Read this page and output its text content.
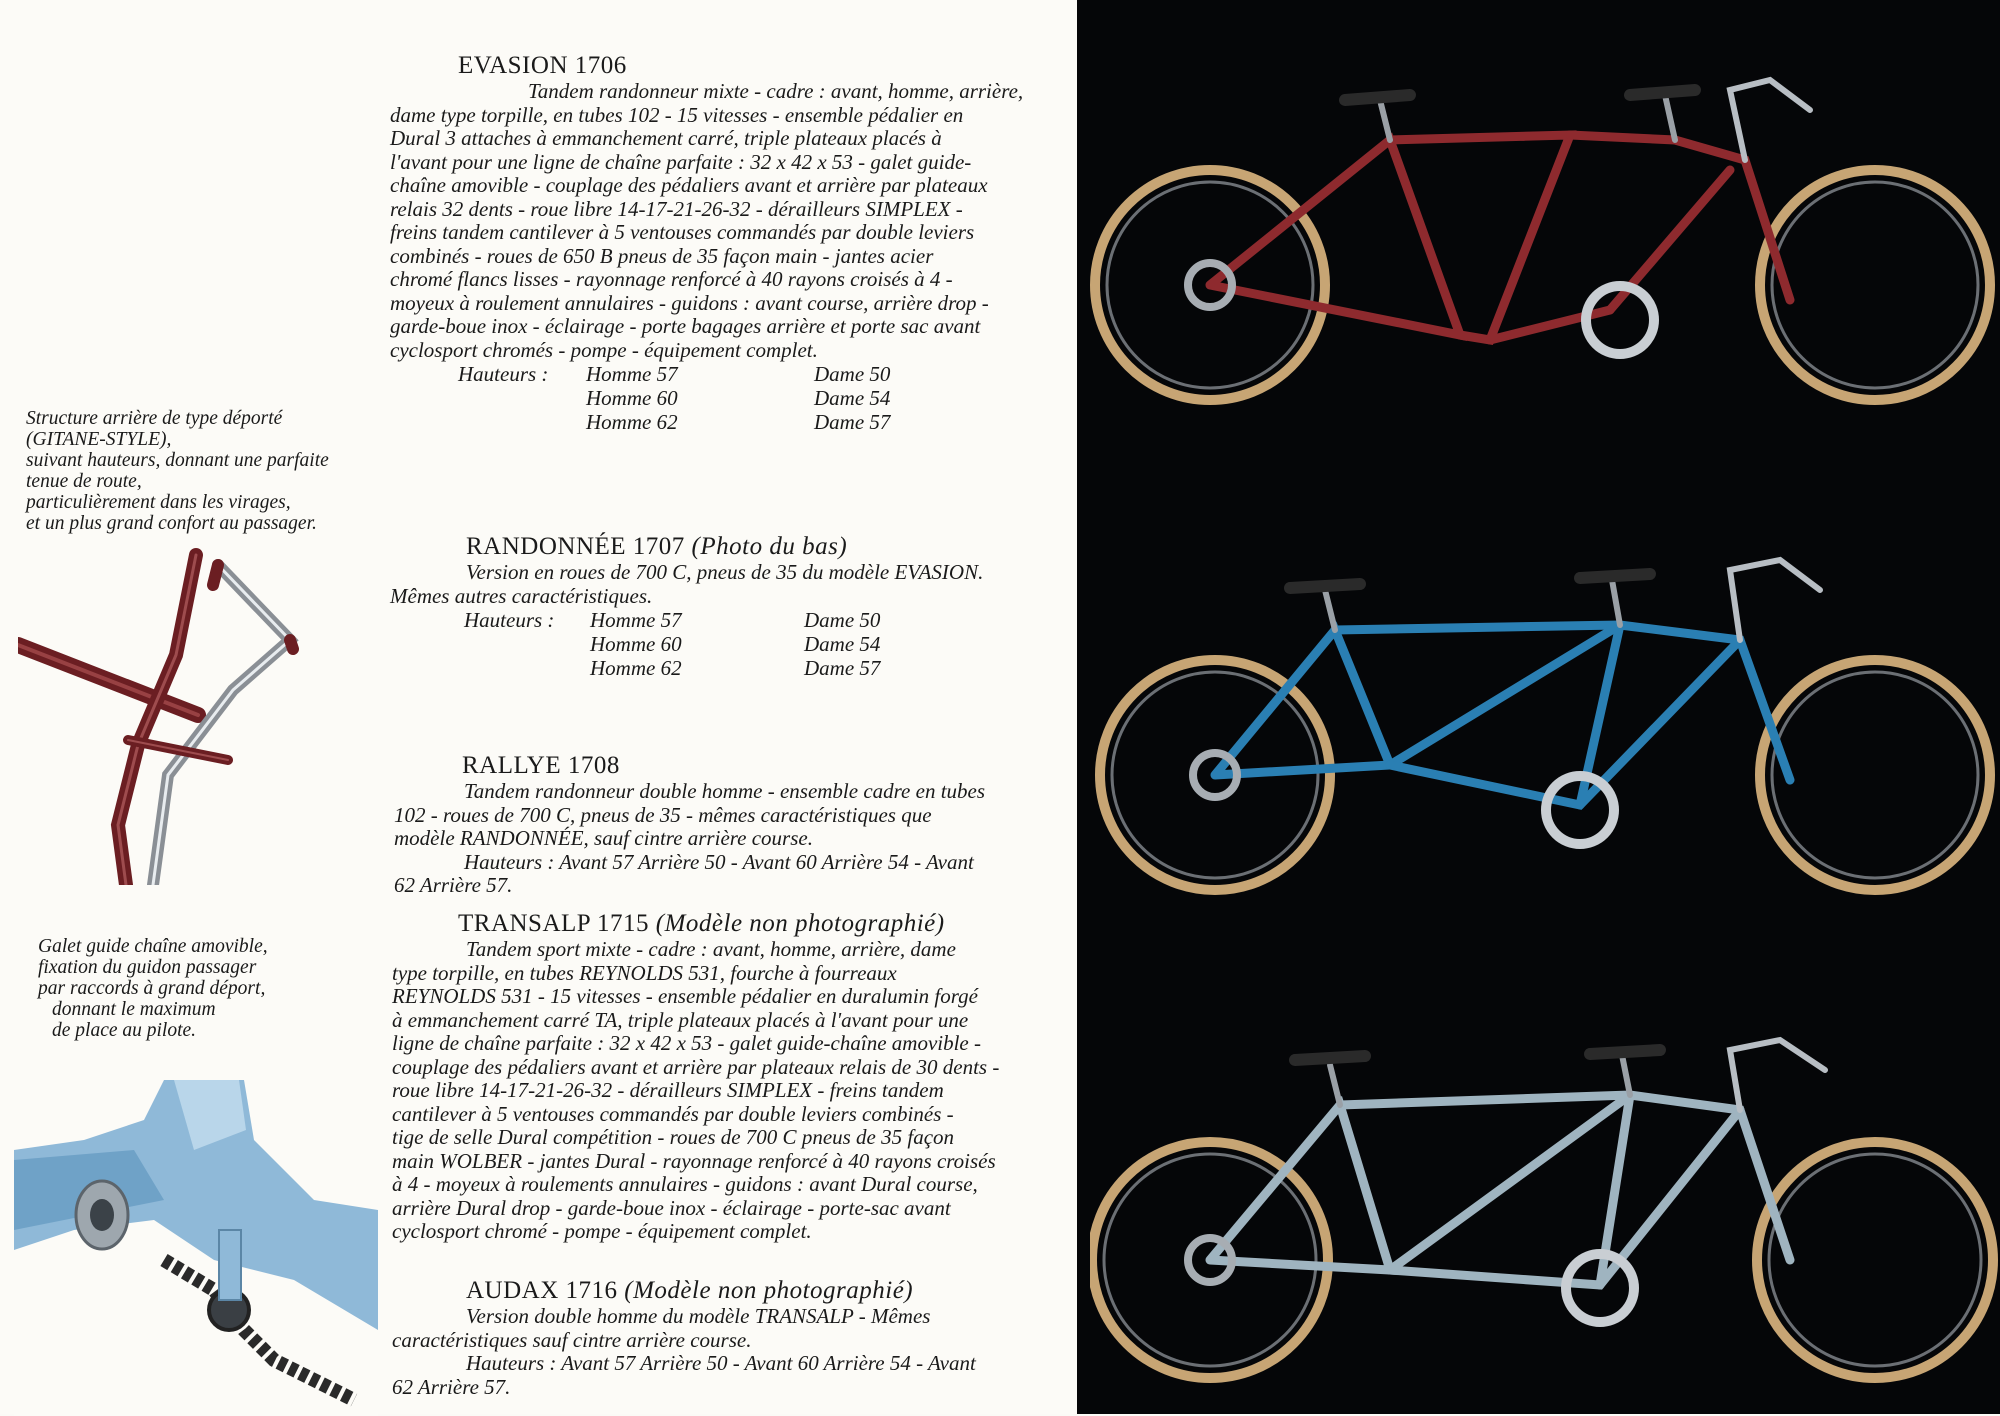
EVASION 1706

Tandem randonneur mixte - cadre : avant, homme, arrière,

dame type torpille, en tubes 102 - 15 vitesses - ensemble pédalier en

Dural 3 attaches à emmanchement carré, triple plateaux placés à

l'avant pour une ligne de chaîne parfaite : 32 x 42 x 53 - galet guide-

chaîne amovible - couplage des pédaliers avant et arrière par plateaux

relais 32 dents - roue libre 14-17-21-26-32 - dérailleurs SIMPLEX -

freins tandem cantilever à 5 ventouses commandés par double leviers

combinés - roues de 650 B pneus de 35 façon main - jantes acier

chromé flancs lisses - rayonnage renforcé à 40 rayons croisés à 4 -

moyeux à roulement annulaires - guidons : avant course, arrière drop -

garde-boue inox - éclairage - porte bagages arrière et porte sac avant

cyclosport chromés - pompe - équipement complet.

Hauteurs : Homme 57
Homme 60
Homme 62
Dame 50
Dame 54
Dame 57
RANDONNÉE 1707 (Photo du bas)

Version en roues de 700 C, pneus de 35 du modèle EVASION.

Mêmes autres caractéristiques.

Hauteurs : Homme 57
Homme 60
Homme 62
Dame 50
Dame 54
Dame 57
RALLYE 1708

Tandem randonneur double homme - ensemble cadre en tubes

102 - roues de 700 C, pneus de 35 - mêmes caractéristiques que

modèle RANDONNÉE, sauf cintre arrière course.

Hauteurs : Avant 57 Arrière 50 - Avant 60 Arrière 54 - Avant

62 Arrière 57.

TRANSALP 1715 (Modèle non photographié)

Tandem sport mixte - cadre : avant, homme, arrière, dame

type torpille, en tubes REYNOLDS 531, fourche à fourreaux

REYNOLDS 531 - 15 vitesses - ensemble pédalier en duralumin forgé

à emmanchement carré TA, triple plateaux placés à l'avant pour une

ligne de chaîne parfaite : 32 x 42 x 53 - galet guide-chaîne amovible -

couplage des pédaliers avant et arrière par plateaux relais de 30 dents -

roue libre 14-17-21-26-32 - dérailleurs SIMPLEX - freins tandem

cantilever à 5 ventouses commandés par double leviers combinés -

tige de selle Dural compétition - roues de 700 C pneus de 35 façon

main WOLBER - jantes Dural - rayonnage renforcé à 40 rayons croisés

à 4 - moyeux à roulements annulaires - guidons : avant Dural course,

arrière Dural drop - garde-boue inox - éclairage - porte-sac avant

cyclosport chromé - pompe - équipement complet.

AUDAX 1716 (Modèle non photographié)

Version double homme du modèle TRANSALP - Mêmes

caractéristiques sauf cintre arrière course.

Hauteurs : Avant 57 Arrière 50 - Avant 60 Arrière 54 - Avant

62 Arrière 57.

Structure arrière de type déporté

(GITANE-STYLE),

suivant hauteurs, donnant une parfaite

tenue de route,

particulièrement dans les virages,

et un plus grand confort au passager.

Galet guide chaîne amovible,

fixation du guidon passager

par raccords à grand déport,

donnant le maximum

de place au pilote.
